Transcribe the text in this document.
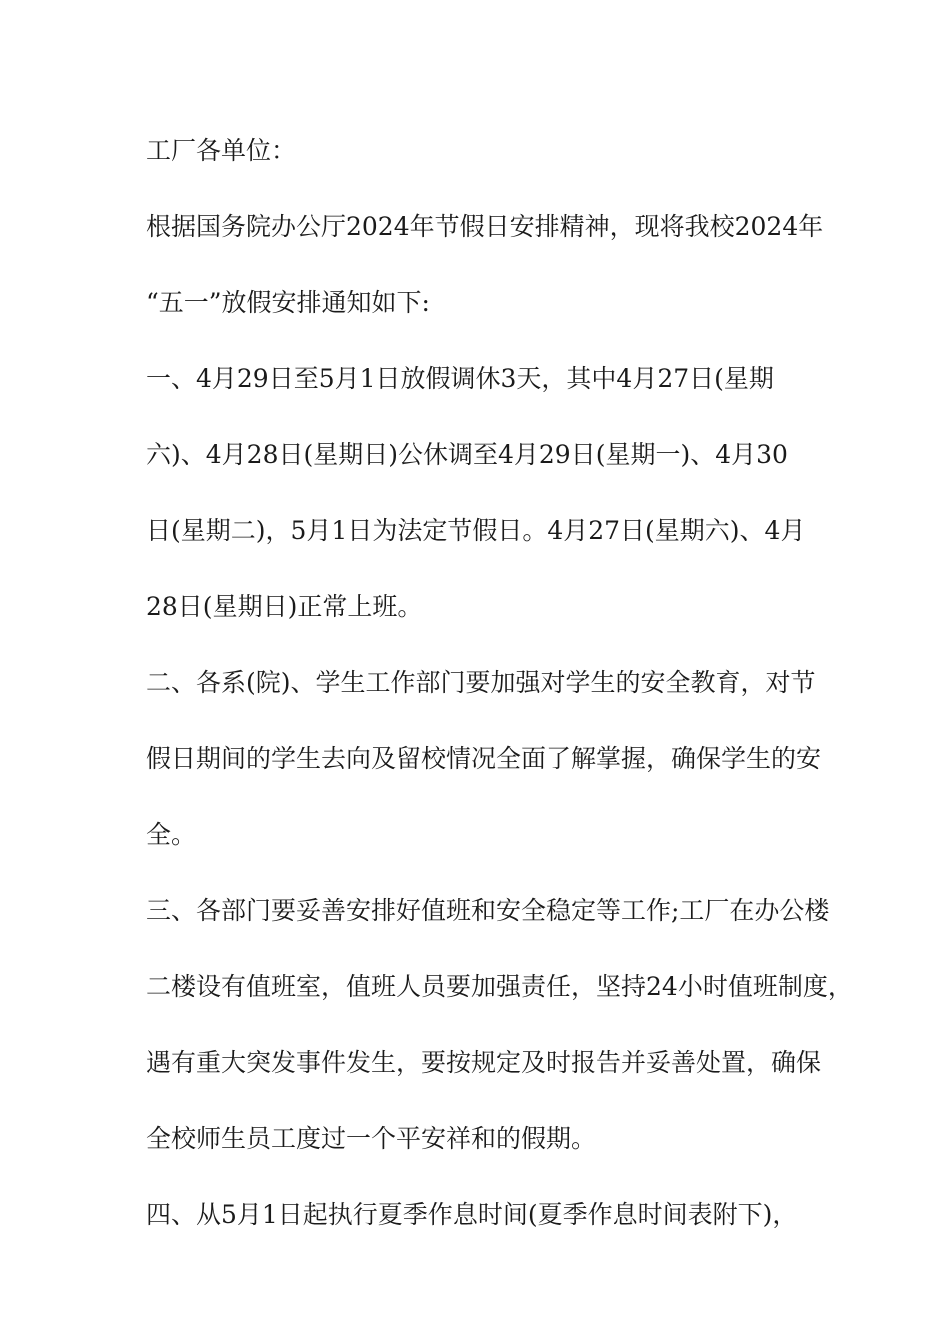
工厂各单位：

根据国务院办公厅2024年节假日安排精神，现将我校2024年

“五一”放假安排通知如下:

一、4月29日至5月1日放假调休3天，其中4月27日(星期

六)、4月28日(星期日)公休调至4月29日(星期一)、4月30

日(星期二)，5月1日为法定节假日。4月27日(星期六)、4月

28日(星期日)正常上班。

二、各系(院)、学生工作部门要加强对学生的安全教育，对节

假日期间的学生去向及留校情况全面了解掌握，确保学生的安

全。

三、各部门要妥善安排好值班和安全稳定等工作;工厂在办公楼

二楼设有值班室，值班人员要加强责任，坚持24小时值班制度，

遇有重大突发事件发生，要按规定及时报告并妥善处置，确保

全校师生员工度过一个平安祥和的假期。

四、从5月1日起执行夏季作息时间(夏季作息时间表附下)，
